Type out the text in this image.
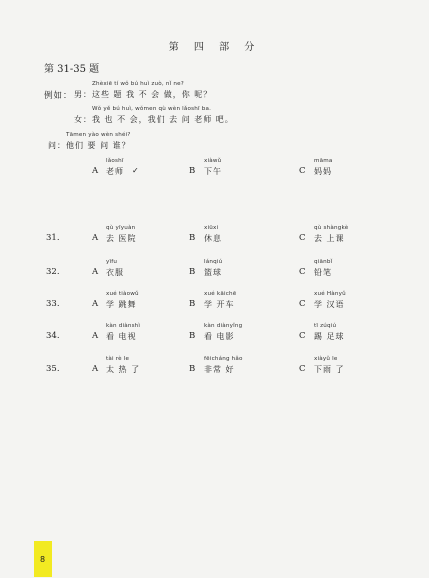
第 四 部 分
第 31-35 题
例如：
Zhèxiē tí wǒ bú huì zuò, nǐ ne?
男： 这些 题 我 不 会 做，你 呢？
Wǒ yě bú huì, wǒmen qù wèn lǎoshī ba.
女： 我 也 不 会，我们 去 问 老师 吧。
Tāmen yào wèn shéi?
问： 他们 要 问 谁？
lǎoshī
A 老师 ✓
xiàwǔ
B 下午
māma
C 妈妈
31.
qù yīyuàn
A 去 医院
xiūxi
B 休息
qù shàngkè
C 去 上课
32.
yīfu
A 衣服
lánqiú
B 篮球
qiānbǐ
C 铅笔
33.
xué tiàowǔ
A 学 跳舞
xué kāichē
B 学 开车
xué Hànyǔ
C 学 汉语
34.
kàn diànshì
A 看 电视
kàn diànyǐng
B 看 电影
tī zúqiú
C 踢 足球
35.
tài rè le
A 太 热 了
fēicháng hǎo
B 非常 好
xiàyǔ le
C 下雨 了
8
